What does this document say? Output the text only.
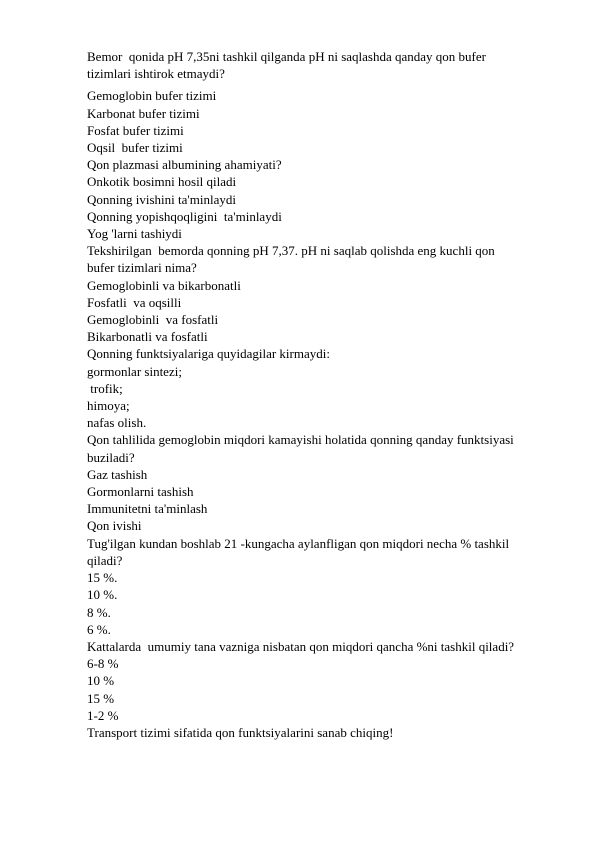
Bemor  qonida pH 7,35ni tashkil qilganda pH ni saqlashda qanday qon bufer

tizimlari ishtirok etmaydi?

Gemoglobin bufer tizimi

Karbonat bufer tizimi

Fosfat bufer tizimi

Oqsil  bufer tizimi

Qon plazmasi albumining ahamiyati?

Onkotik bosimni hosil qiladi

Qonning ivishini ta'minlaydi

Qonning yopishqoqligini  ta'minlaydi

Yog 'larni tashiydi

Tekshirilgan  bemorda qonning pH 7,37. pH ni saqlab qolishda eng kuchli qon

bufer tizimlari nima?

Gemoglobinli va bikarbonatli

Fosfatli  va oqsilli

Gemoglobinli  va fosfatli

Bikarbonatli va fosfatli

Qonning funktsiyalariga quyidagilar kirmaydi:

gormonlar sintezi;

trofik;

himoya;

nafas olish.

Qon tahlilida gemoglobin miqdori kamayishi holatida qonning qanday funktsiyasi

buziladi?

Gaz tashish

Gormonlarni tashish

Immunitetni ta'minlash

Qon ivishi

Tug'ilgan kundan boshlab 21 -kungacha aylanfligan qon miqdori necha % tashkil

qiladi?

15 %.

10 %.

8 %.

6 %.

Kattalarda  umumiy tana vazniga nisbatan qon miqdori qancha %ni tashkil qiladi?

6-8 %

10 %

15 %

1-2 %

Transport tizimi sifatida qon funktsiyalarini sanab chiqing!
